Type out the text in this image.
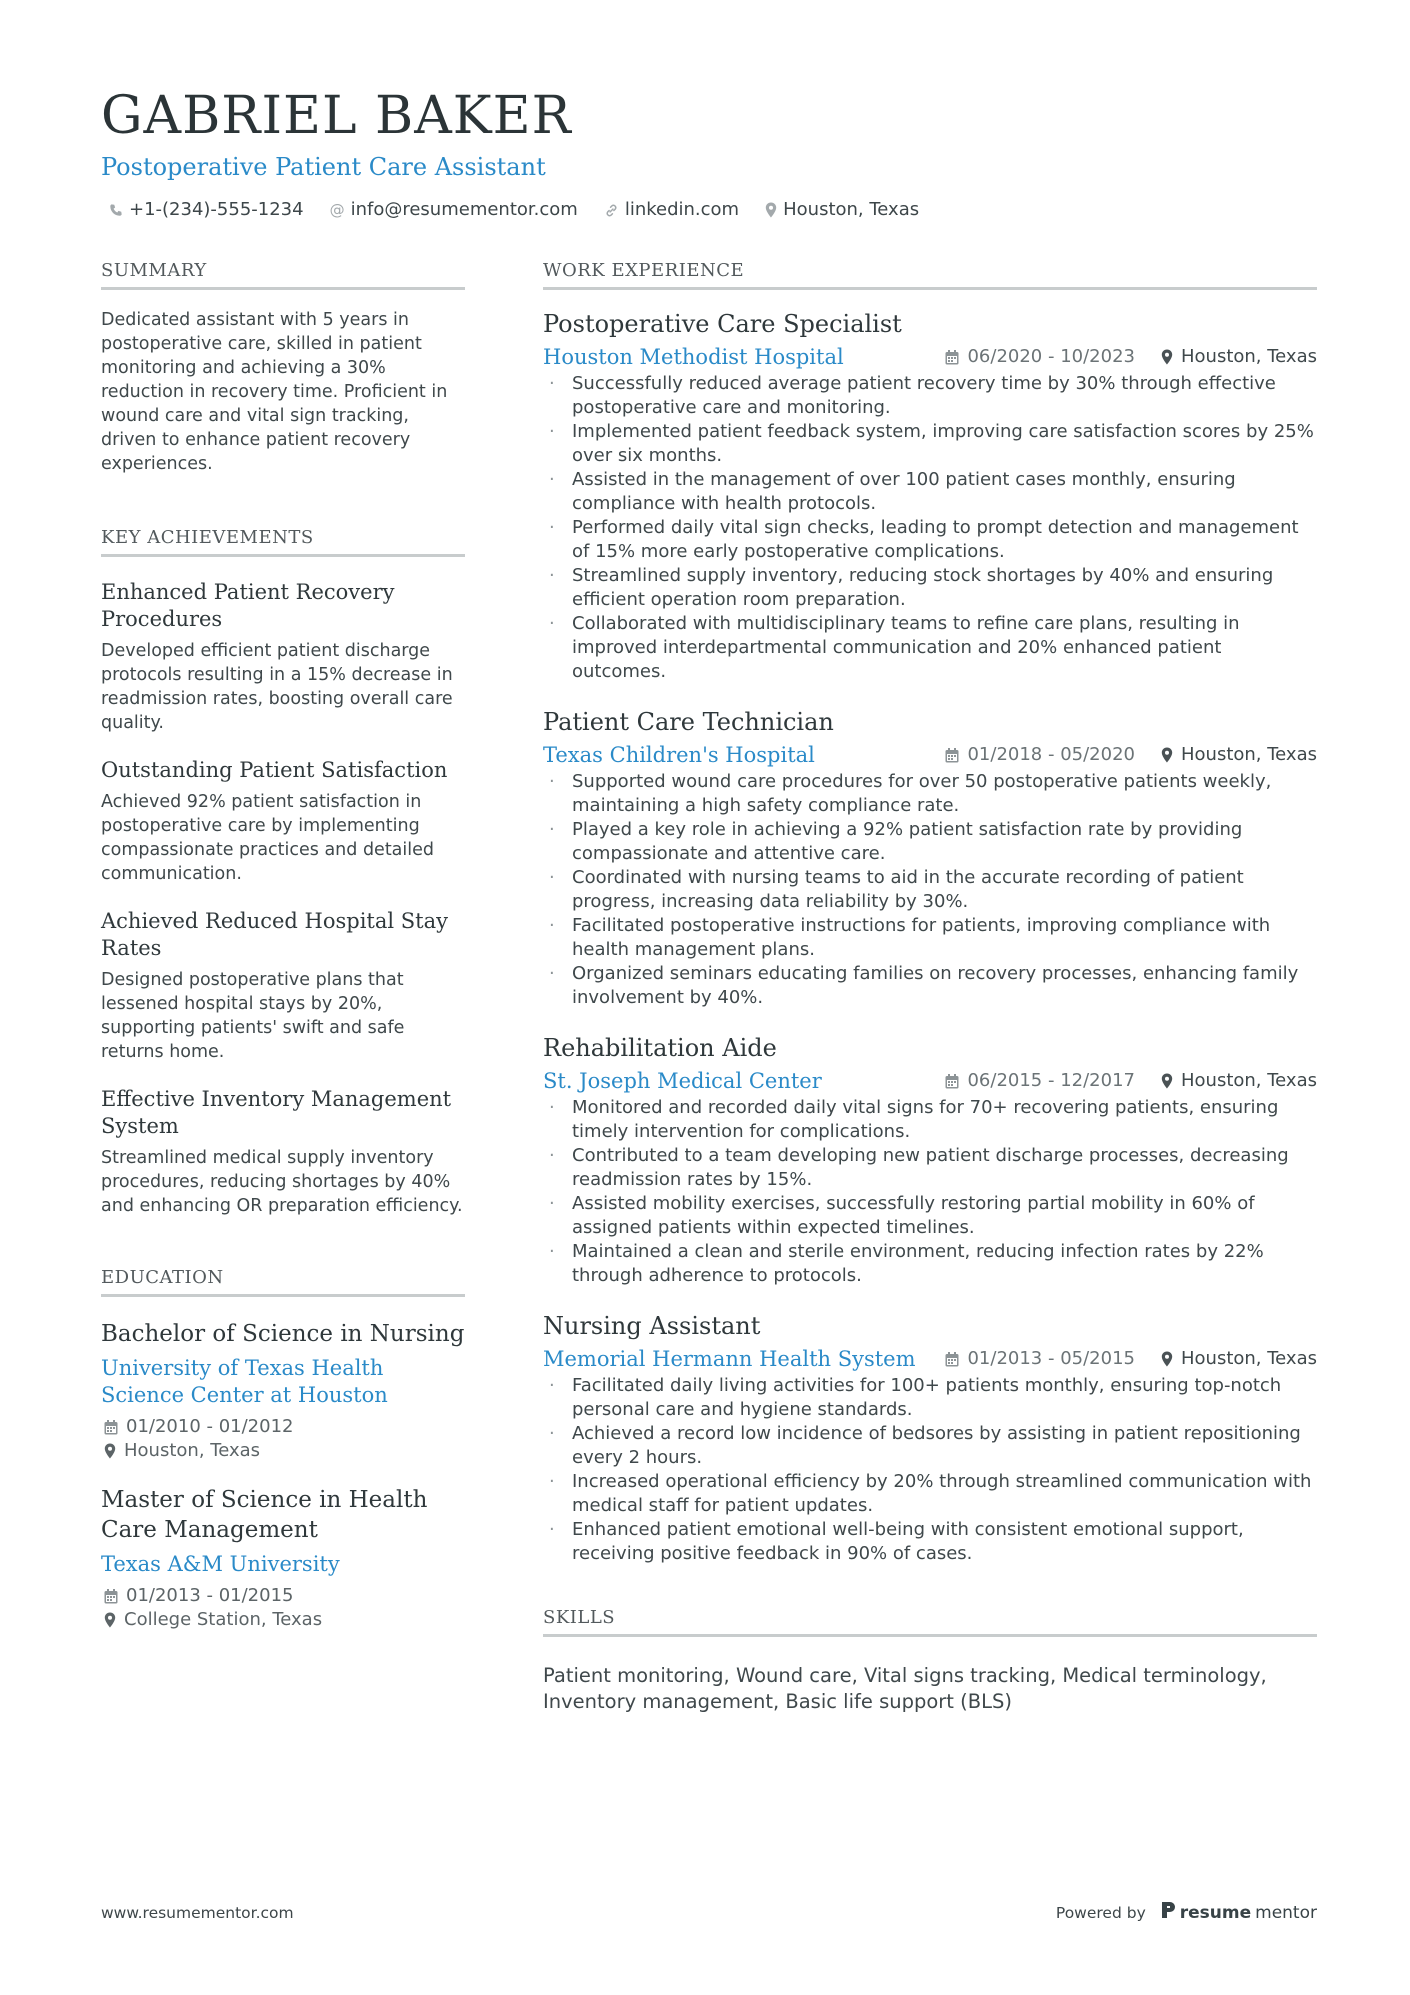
GABRIEL BAKER
Postoperative Patient Care Assistant
+1-(234)-555-1234 @ info@resumementor.com	linkedin.com Houston, Texas
SUMMARY
Dedicated assistant with 5 years in postoperative care, skilled in patient monitoring and achieving a 30% reduction in recovery time. Proficient in wound care and vital sign tracking, driven to enhance patient recovery experiences.
KEY ACHIEVEMENTS
Enhanced Patient Recovery Procedures
Developed efficient patient discharge protocols resulting in a 15% decrease in readmission rates, boosting overall care quality.
Outstanding Patient Satisfaction
Achieved 92% patient satisfaction in postoperative care by implementing compassionate practices and detailed communication.
Achieved Reduced Hospital Stay Rates
Designed postoperative plans that lessened hospital stays by 20%, supporting patients' swift and safe returns home.
Effective Inventory Management System
Streamlined medical supply inventory procedures, reducing shortages by 40% and enhancing OR preparation efficiency.
EDUCATION
Bachelor of Science in Nursing
University of Texas Health Science Center at Houston
01/2010 - 01/2012
Houston, Texas
Master of Science in Health Care Management
Texas A&M University
01/2013 - 01/2015
College Station, Texas
WORK EXPERIENCE
Postoperative Care Specialist
Houston Methodist Hospital	06/2020 - 10/2023	Houston, Texas
· Successfully reduced average patient recovery time by 30% through effective postoperative care and monitoring.
· Implemented patient feedback system, improving care satisfaction scores by 25% over six months.
· Assisted in the management of over 100 patient cases monthly, ensuring compliance with health protocols.
· Performed daily vital sign checks, leading to prompt detection and management of 15% more early postoperative complications.
· Streamlined supply inventory, reducing stock shortages by 40% and ensuring efficient operation room preparation.
· Collaborated with multidisciplinary teams to refine care plans, resulting in improved interdepartmental communication and 20% enhanced patient outcomes.
Patient Care Technician
Texas Children's Hospital	01/2018 - 05/2020	Houston, Texas
· Supported wound care procedures for over 50 postoperative patients weekly, maintaining a high safety compliance rate.
· Played a key role in achieving a 92% patient satisfaction rate by providing compassionate and attentive care.
· Coordinated with nursing teams to aid in the accurate recording of patient progress, increasing data reliability by 30%.
· Facilitated postoperative instructions for patients, improving compliance with health management plans.
· Organized seminars educating families on recovery processes, enhancing family involvement by 40%.
Rehabilitation Aide
St. Joseph Medical Center	06/2015 - 12/2017	Houston, Texas
· Monitored and recorded daily vital signs for 70+ recovering patients, ensuring timely intervention for complications.
· Contributed to a team developing new patient discharge processes, decreasing readmission rates by 15%.
· Assisted mobility exercises, successfully restoring partial mobility in 60% of assigned patients within expected timelines.
· Maintained a clean and sterile environment, reducing infection rates by 22% through adherence to protocols.
Nursing Assistant
Memorial Hermann Health System	01/2013 - 05/2015	Houston, Texas
· Facilitated daily living activities for 100+ patients monthly, ensuring top-notch personal care and hygiene standards.
· Achieved a record low incidence of bedsores by assisting in patient repositioning every 2 hours.
· Increased operational efficiency by 20% through streamlined communication with medical staff for patient updates.
· Enhanced patient emotional well-being with consistent emotional support, receiving positive feedback in 90% of cases.
SKILLS
Patient monitoring, Wound care, Vital signs tracking, Medical terminology, Inventory management, Basic life support (BLS)
www.resumementor.com	Powered by resume mentor
